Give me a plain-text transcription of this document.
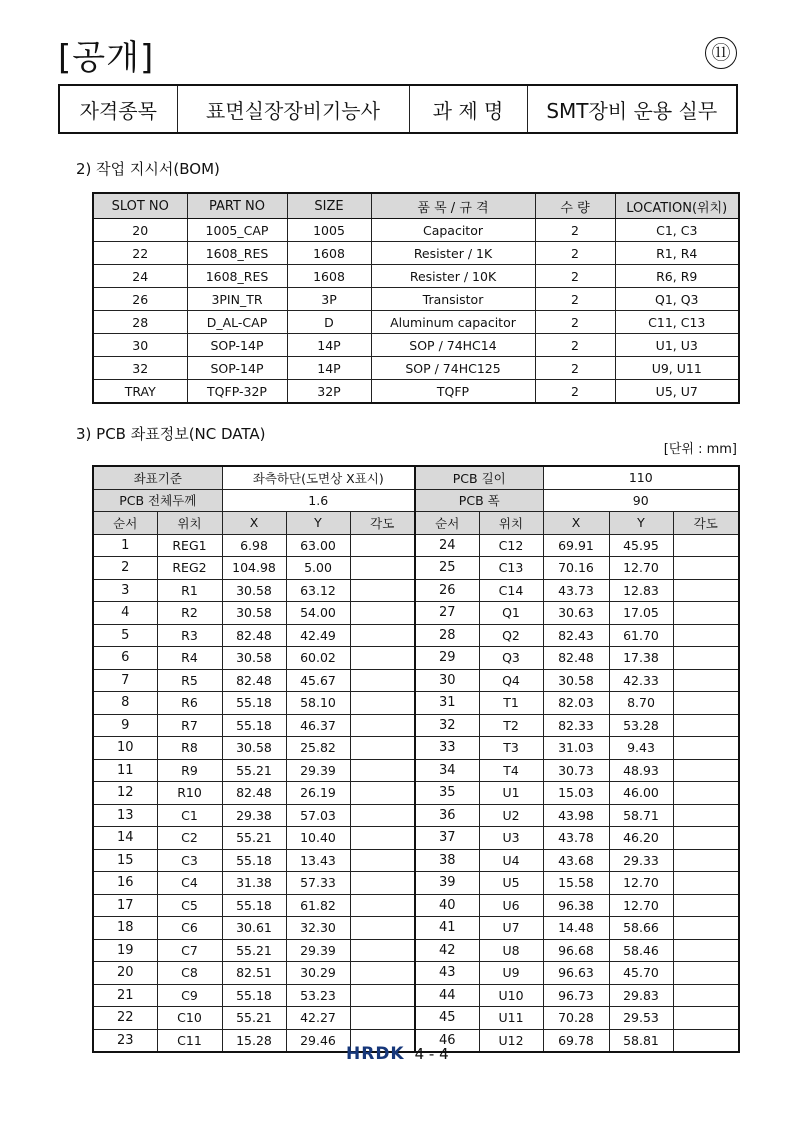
[공개]	⑪
자격종목	표면실장장비기능사	과 제 명	SMT장비 운용 실무
2) 작업 지시서(BOM)
SLOT NO	PART NO	SIZE	품 목 / 규 격	수 량	LOCATION(위치)
20	1005_CAP	1005	Capacitor	2	C1, C3
22	1608_RES	1608	Resister / 1K	2	R1, R4
24	1608_RES	1608	Resister / 10K	2	R6, R9
26	3PIN_TR	3P	Transistor	2	Q1, Q3
28	D_AL-CAP	D	Aluminum capacitor	2	C11, C13
30	SOP-14P	14P	SOP / 74HC14	2	U1, U3
32	SOP-14P	14P	SOP / 74HC125	2	U9, U11
TRAY	TQFP-32P	32P	TQFP	2	U5, U7
3) PCB 좌표정보(NC DATA)
[단위 : mm]
좌표기준		좌측하단(도면상 X표시)			PCB 길이		110		
PCB 전체두께		1.6			PCB 폭		90		
순서	위치	X	Y	각도	순서	위치	X	Y	각도
1	REG1	6.98	63.00		24	C12	69.91	45.95	
2	REG2	104.98	5.00		25	C13	70.16	12.70	
3	R1	30.58	63.12		26	C14	43.73	12.83	
4	R2	30.58	54.00		27	Q1	30.63	17.05	
5	R3	82.48	42.49		28	Q2	82.43	61.70	
6	R4	30.58	60.02		29	Q3	82.48	17.38	
7	R5	82.48	45.67		30	Q4	30.58	42.33	
8	R6	55.18	58.10		31	T1	82.03	8.70	
9	R7	55.18	46.37		32	T2	82.33	53.28	
10	R8	30.58	25.82		33	T3	31.03	9.43	
11	R9	55.21	29.39		34	T4	30.73	48.93	
12	R10	82.48	26.19		35	U1	15.03	46.00	
13	C1	29.38	57.03		36	U2	43.98	58.71	
14	C2	55.21	10.40		37	U3	43.78	46.20	
15	C3	55.18	13.43		38	U4	43.68	29.33	
16	C4	31.38	57.33		39	U5	15.58	12.70	
17	C5	55.18	61.82		40	U6	96.38	12.70	
18	C6	30.61	32.30		41	U7	14.48	58.66	
19	C7	55.21	29.39		42	U8	96.68	58.46	
20	C8	82.51	30.29		43	U9	96.63	45.70	
21	C9	55.18	53.23		44	U10	96.73	29.83	
22	C10	55.21	42.27		45	U11	70.28	29.53	
23	C11	15.28	29.46		46	U12	69.78	58.81	
HRDK 4 - 4
